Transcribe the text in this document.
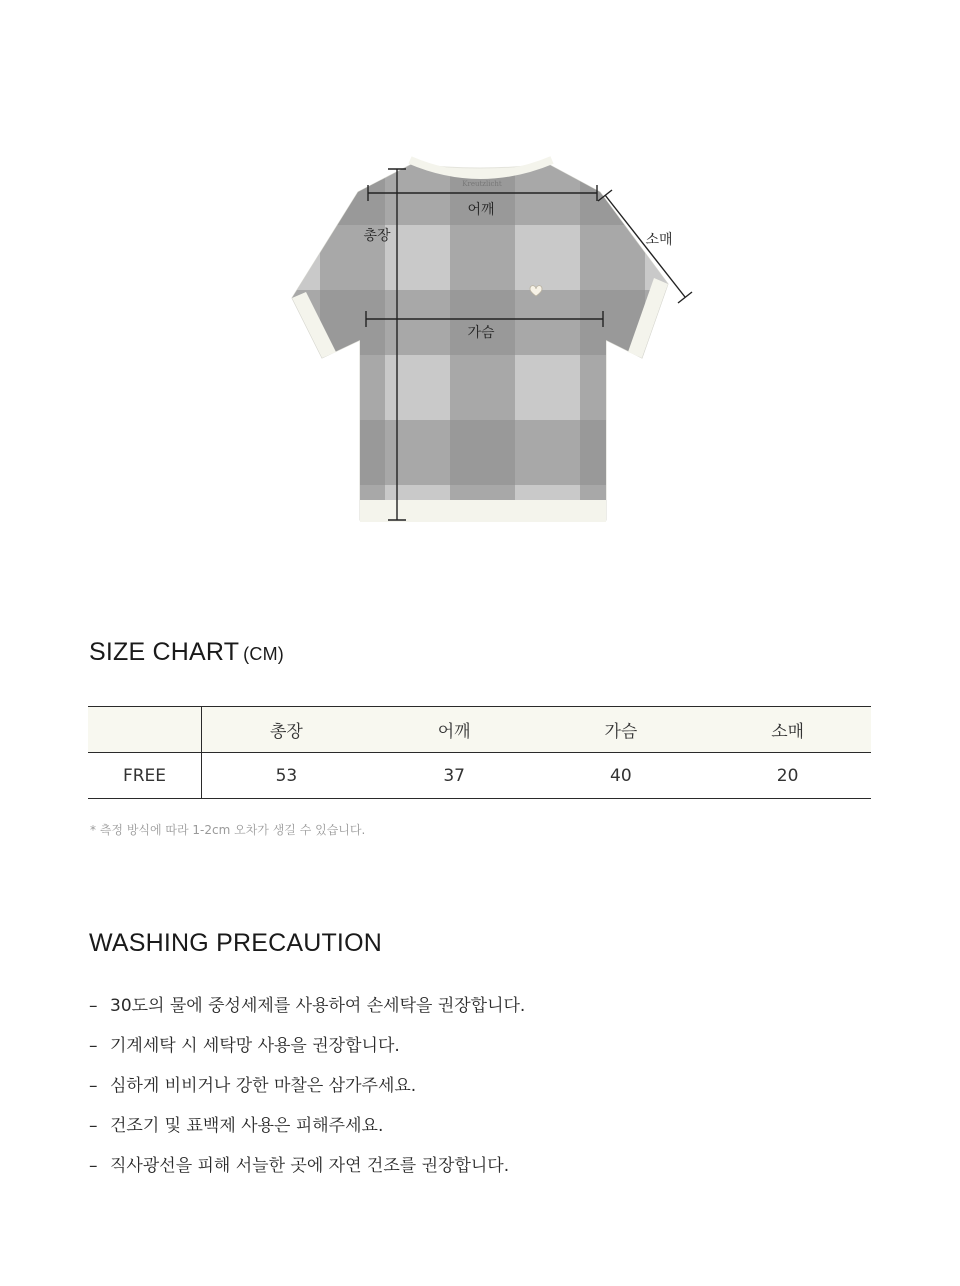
Kreutzlicht
총장
어깨
가슴
소매
SIZE CHART (CM)
	총장	어깨	가슴	소매
FREE	53	37	40	20
* 측정 방식에 따라 1-2cm 오차가 생길 수 있습니다.
WASHING PRECAUTION
– 30도의 물에 중성세제를 사용하여 손세탁을 권장합니다.
– 기계세탁 시 세탁망 사용을 권장합니다.
– 심하게 비비거나 강한 마찰은 삼가주세요.
– 건조기 및 표백제 사용은 피해주세요.
– 직사광선을 피해 서늘한 곳에 자연 건조를 권장합니다.
